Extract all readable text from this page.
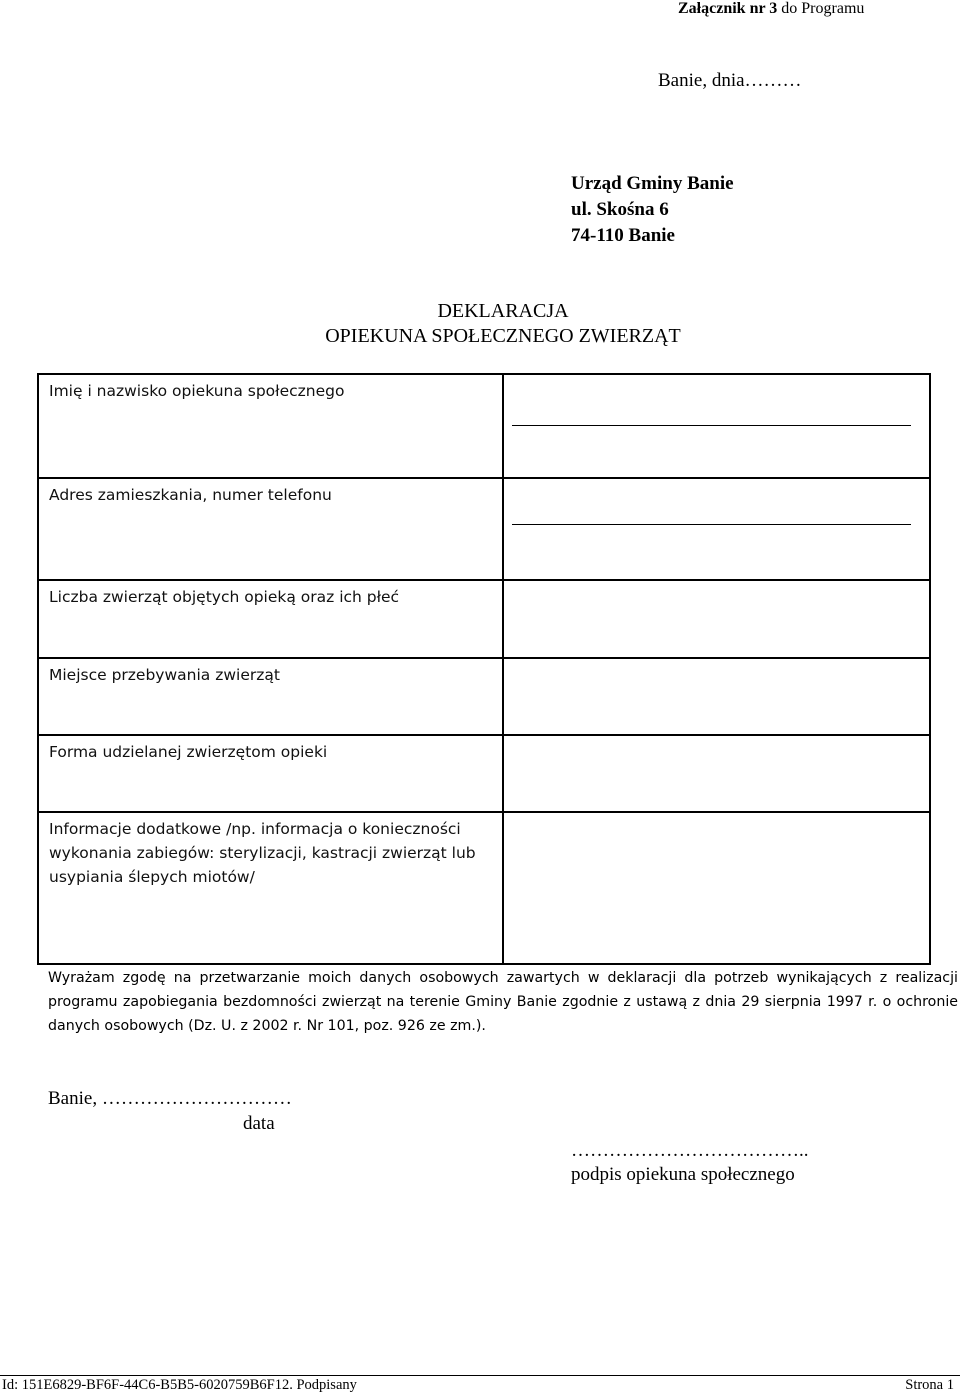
Załącznik nr 3 do Programu
Banie, dnia………
Urząd Gminy Banie
ul. Skośna 6
74-110 Banie
DEKLARACJA
OPIEKUNA SPOŁECZNEGO ZWIERZĄT
Imię i nazwisko opiekuna społecznego	

Adres zamieszkania, numer telefonu	

Liczba zwierząt objętych opieką oraz ich płeć	
Miejsce przebywania zwierząt	
Forma udzielanej zwierzętom opieki	
Informacje dodatkowe /np. informacja o konieczności wykonania zabiegów: sterylizacji, kastracji zwierząt lub usypiania ślepych miotów/	
Wyrażam zgodę na przetwarzanie moich danych osobowych zawartych w deklaracji dla potrzeb wynikających z realizacji programu zapobiegania bezdomności zwierząt na terenie Gminy Banie zgodnie z ustawą z dnia 29 sierpnia 1997 r. o ochronie danych osobowych (Dz. U. z 2002 r. Nr 101, poz. 926 ze zm.).
Banie, …………………………
data
………………………………..
podpis opiekuna społecznego
Id: 151E6829-BF6F-44C6-B5B5-6020759B6F12. Podpisany	Strona 1
